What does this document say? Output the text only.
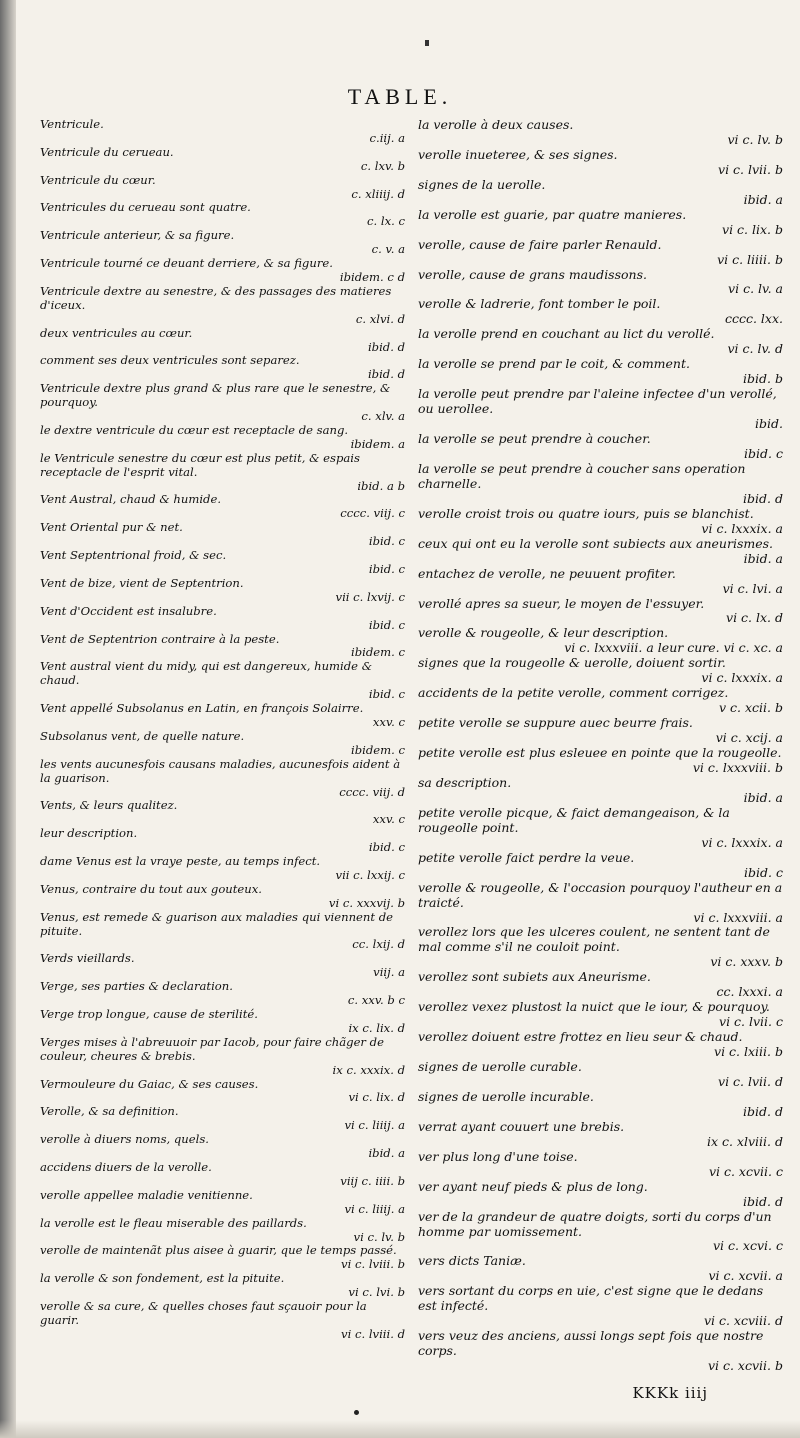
TABLE.
Ventricule.
c.iij. a
Ventricule du cerueau.
c. lxv. b
Ventricule du cœur.
c. xliiij. d
Ventricules du cerueau sont quatre.
c. lx. c
Ventricule anterieur, & sa figure.
c. v. a
Ventricule tourné ce deuant derriere, & sa figure.
ibidem. c d
Ventricule dextre au senestre, & des passages des matieres d'iceux.
c. xlvi. d
deux ventricules au cœur.
ibid. d
comment ses deux ventricules sont separez.
ibid. d
Ventricule dextre plus grand & plus rare que le senestre, & pourquoy.
c. xlv. a
le dextre ventricule du cœur est receptacle de sang.
ibidem. a
le Ventricule senestre du cœur est plus petit, & espais receptacle de l'esprit vital.
ibid. a b
Vent Austral, chaud & humide.
cccc. viij. c
Vent Oriental pur & net.
ibid. c
Vent Septentrional froid, & sec.
ibid. c
Vent de bize, vient de Septentrion.
vii c. lxvij. c
Vent d'Occident est insalubre.
ibid. c
Vent de Septentrion contraire à la peste.
ibidem. c
Vent austral vient du midy, qui est dangereux, humide & chaud.
ibid. c
Vent appellé Subsolanus en Latin, en françois Solairre.
xxv. c
Subsolanus vent, de quelle nature.
ibidem. c
les vents aucunesfois causans maladies, aucunesfois aident à la guarison.
cccc. viij. d
Vents, & leurs qualitez.
xxv. c
leur description.
ibid. c
dame Venus est la vraye peste, au temps infect.
vii c. lxxij. c
Venus, contraire du tout aux gouteux.
vi c. xxxvij. b
Venus, est remede & guarison aux maladies qui viennent de pituite.
cc. lxij. d
Verds vieillards.
viij. a
Verge, ses parties & declaration.
c. xxv. b c
Verge trop longue, cause de sterilité.
ix c. lix. d
Verges mises à l'abreuuoir par Iacob, pour faire chãger de couleur, cheures & brebis.
ix c. xxxix. d
Vermouleure du Gaiac, & ses causes.
vi c. lix. d
Verolle, & sa definition.
vi c. liiij. a
verolle à diuers noms, quels.
ibid. a
accidens diuers de la verolle.
viij c. iiii. b
verolle appellee maladie venitienne.
vi c. liiij. a
la verolle est le fleau miserable des paillards.
vi c. lv. b
verolle de maintenãt plus aisee à guarir, que le temps passé.
vi c. lviii. b
la verolle & son fondement, est la pituite.
vi c. lvi. b
verolle & sa cure, & quelles choses faut sçauoir pour la guarir.
vi c. lviii. d
la verolle à deux causes.
vi c. lv. b
verolle inueteree, & ses signes.
vi c. lvii. b
signes de la uerolle.
ibid. a
la verolle est guarie, par quatre manieres.
vi c. lix. b
verolle, cause de faire parler Renauld.
vi c. liiii. b
verolle, cause de grans maudissons.
vi c. lv. a
verolle & ladrerie, font tomber le poil.
cccc. lxx.
la verolle prend en couchant au lict du verollé.
vi c. lv. d
la verolle se prend par le coit, & comment.
ibid. b
la verolle peut prendre par l'aleine infectee d'un verollé, ou uerollee.
ibid.
la verolle se peut prendre à coucher.
ibid. c
la verolle se peut prendre à coucher sans operation charnelle.
ibid. d
verolle croist trois ou quatre iours, puis se blanchist.
vi c. lxxxix. a
ceux qui ont eu la verolle sont subiects aux aneurismes.
ibid. a
entachez de verolle, ne peuuent profiter.
vi c. lvi. a
verollé apres sa sueur, le moyen de l'essuyer.
vi c. lx. d
verolle & rougeolle, & leur description.
vi c. lxxxviii. a leur cure. vi c. xc. a
signes que la rougeolle & uerolle, doiuent sortir.
vi c. lxxxix. a
accidents de la petite verolle, comment corrigez.
v c. xcii. b
petite verolle se suppure auec beurre frais.
vi c. xcij. a
petite verolle est plus esleuee en pointe que la rougeolle.
vi c. lxxxviii. b
sa description.
ibid. a
petite verolle picque, & faict demangeaison, & la rougeolle point.
vi c. lxxxix. a
petite verolle faict perdre la veue.
ibid. c
verolle & rougeolle, & l'occasion pourquoy l'autheur en a traicté.
vi c. lxxxviii. a
verollez lors que les ulceres coulent, ne sentent tant de mal comme s'il ne couloit point.
vi c. xxxv. b
verollez sont subiets aux Aneurisme.
cc. lxxxi. a
verollez vexez plustost la nuict que le iour, & pourquoy.
vi c. lvii. c
verollez doiuent estre frottez en lieu seur & chaud.
vi c. lxiii. b
signes de uerolle curable.
vi c. lvii. d
signes de uerolle incurable.
ibid. d
verrat ayant couuert une brebis.
ix c. xlviii. d
ver plus long d'une toise.
vi c. xcvii. c
ver ayant neuf pieds & plus de long.
ibid. d
ver de la grandeur de quatre doigts, sorti du corps d'un homme par uomissement.
vi c. xcvi. c
vers dicts Taniæ.
vi c. xcvii. a
vers sortant du corps en uie, c'est signe que le dedans est infecté.
vi c. xcviii. d
vers veuz des anciens, aussi longs sept fois que nostre corps.
vi c. xcvii. b
KKKk iiij
